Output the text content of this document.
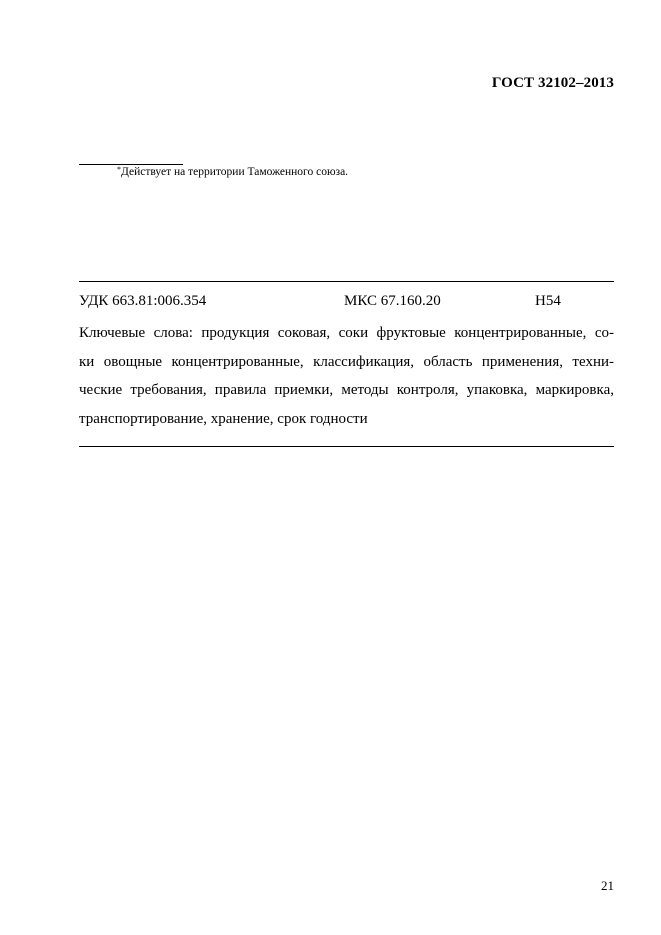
ГОСТ 32102–2013
*Действует на территории Таможенного союза.
УДК 663.81:006.354	МКС 67.160.20	Н54
Ключевые слова: продукция соковая, соки фруктовые концентрированные, со-
ки овощные концентрированные, классификация, область применения, техни-
ческие требования, правила приемки, методы контроля, упаковка, маркировка,
транспортирование, хранение, срок годности
21
